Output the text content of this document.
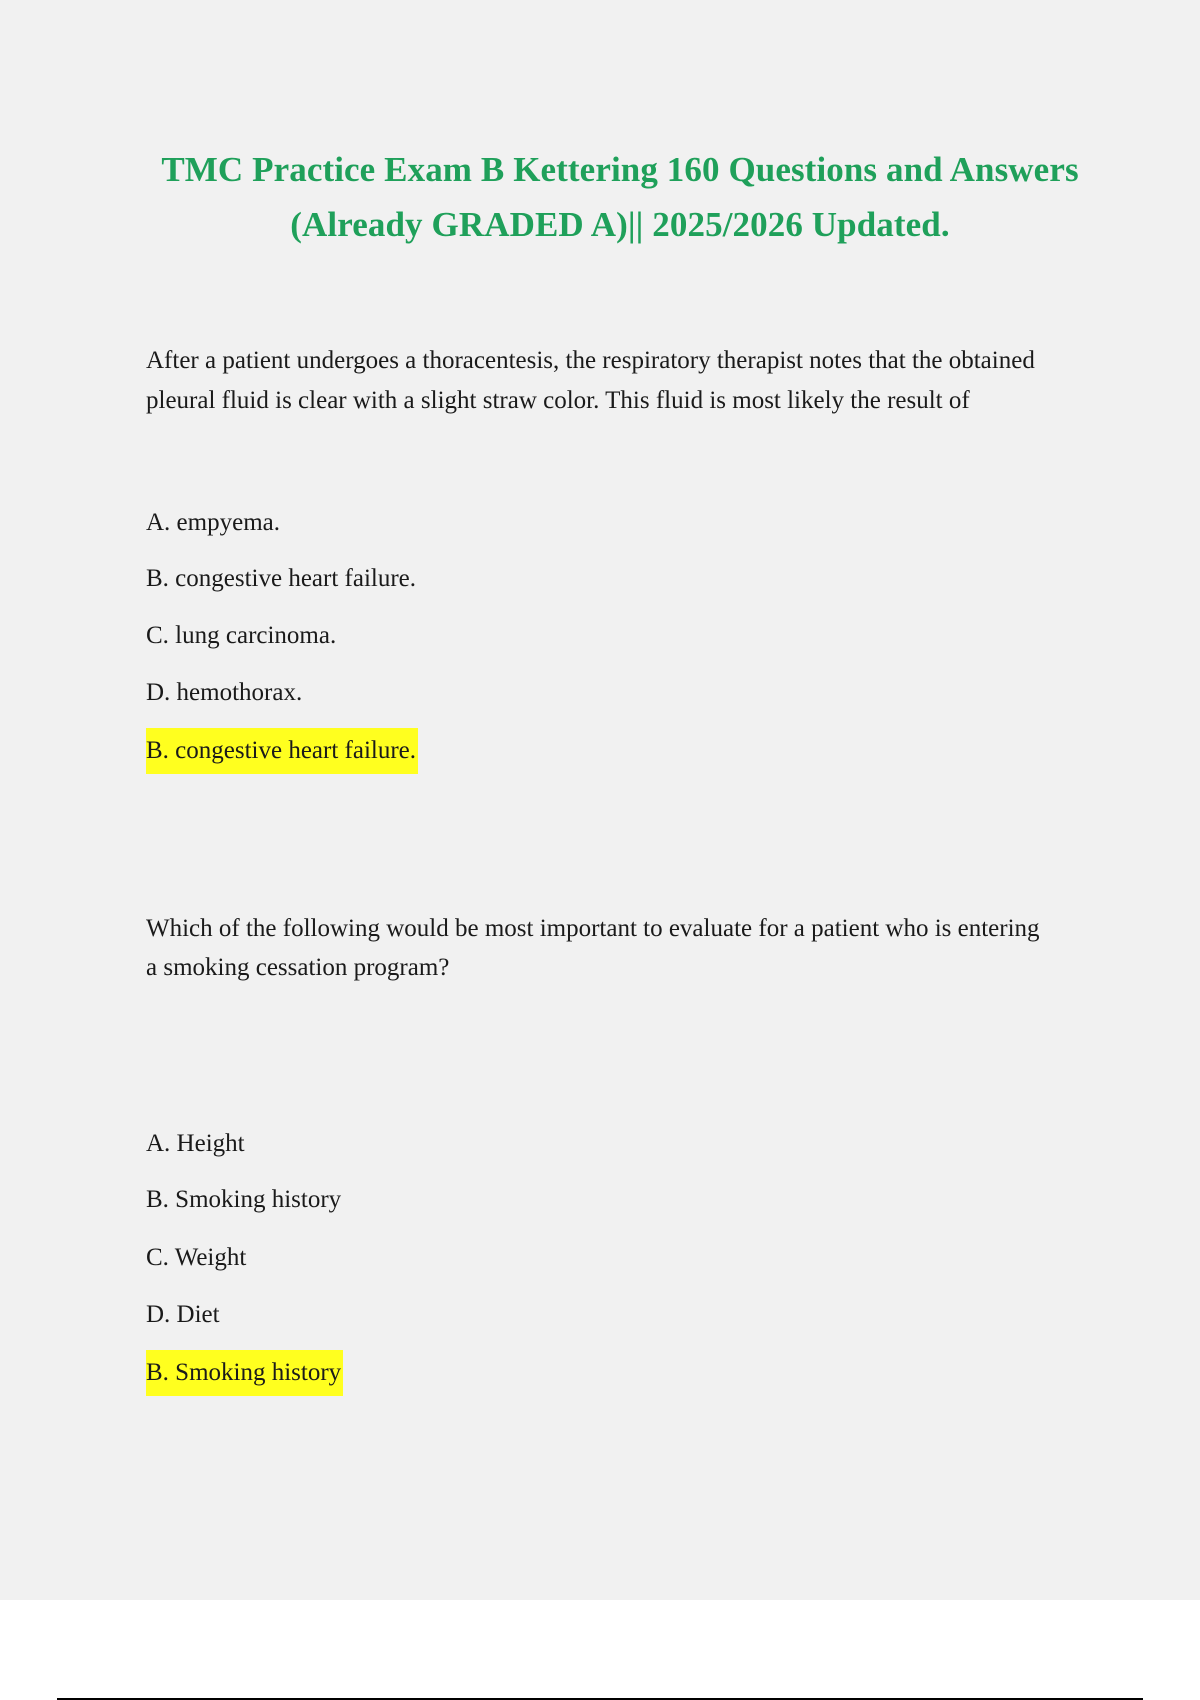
TMC Practice Exam B Kettering 160 Questions and Answers
(Already GRADED A)|| 2025/2026 Updated.
After a patient undergoes a thoracentesis, the respiratory therapist notes that the obtained
pleural fluid is clear with a slight straw color. This fluid is most likely the result of
A. empyema.
B. congestive heart failure.
C. lung carcinoma.
D. hemothorax.
B. congestive heart failure.
Which of the following would be most important to evaluate for a patient who is entering
a smoking cessation program?
A. Height
B. Smoking history
C. Weight
D. Diet
B. Smoking history
